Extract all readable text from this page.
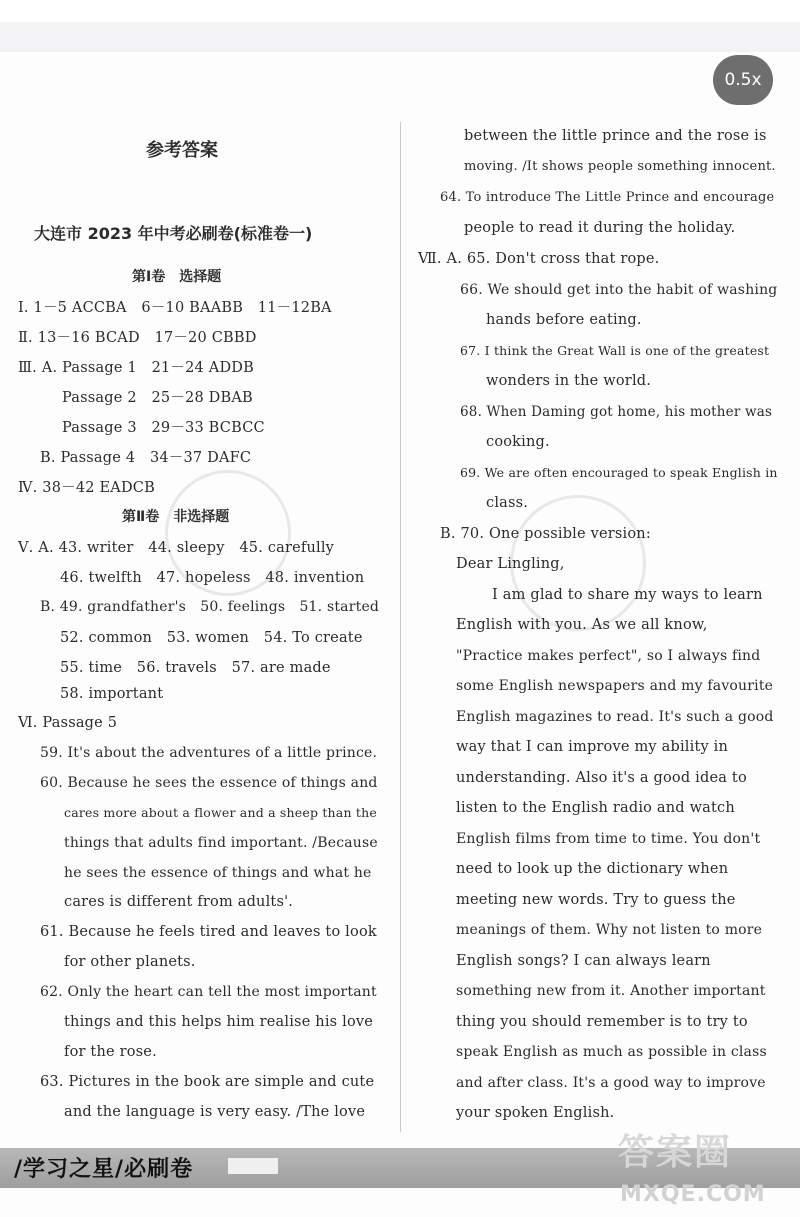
0.5x
参考答案
大连市 2023 年中考必刷卷(标准卷一)
第Ⅰ卷　选择题
Ⅰ. 1－5 ACCBA　6－10 BAABB　11－12BA
Ⅱ. 13－16 BCAD　17－20 CBBD
Ⅲ. A. Passage 1　21－24 ADDB
Passage 2　25－28 DBAB
Passage 3　29－33 BCBCC
B. Passage 4　34－37 DAFC
Ⅳ. 38－42 EADCB
第Ⅱ卷　非选择题
Ⅴ. A. 43. writer　44. sleepy　45. carefully
46. twelfth　47. hopeless　48. invention
B. 49. grandfather's　50. feelings　51. started
52. common　53. women　54. To create
55. time　56. travels　57. are made
58. important
Ⅵ. Passage 5
59. It's about the adventures of a little prince.
60. Because he sees the essence of things and
cares more about a flower and a sheep than the
things that adults find important. /Because
he sees the essence of things and what he
cares is different from adults'.
61. Because he feels tired and leaves to look
for other planets.
62. Only the heart can tell the most important
things and this helps him realise his love
for the rose.
63. Pictures in the book are simple and cute
and the language is very easy. /The love
between the little prince and the rose is
moving. /It shows people something innocent.
64. To introduce The Little Prince and encourage
people to read it during the holiday.
Ⅶ. A. 65. Don't cross that rope.
66. We should get into the habit of washing
hands before eating.
67. I think the Great Wall is one of the greatest
wonders in the world.
68. When Daming got home, his mother was
cooking.
69. We are often encouraged to speak English in
class.
B. 70. One possible version:
Dear Lingling,
I am glad to share my ways to learn
English with you. As we all know,
"Practice makes perfect", so I always find
some English newspapers and my favourite
English magazines to read. It's such a good
way that I can improve my ability in
understanding. Also it's a good idea to
listen to the English radio and watch
English films from time to time. You don't
need to look up the dictionary when
meeting new words. Try to guess the
meanings of them. Why not listen to more
English songs? I can always learn
something new from it. Another important
thing you should remember is to try to
speak English as much as possible in class
and after class. It's a good way to improve
your spoken English.
/学习之星/必刷卷	答案圈
MXQE.COM
